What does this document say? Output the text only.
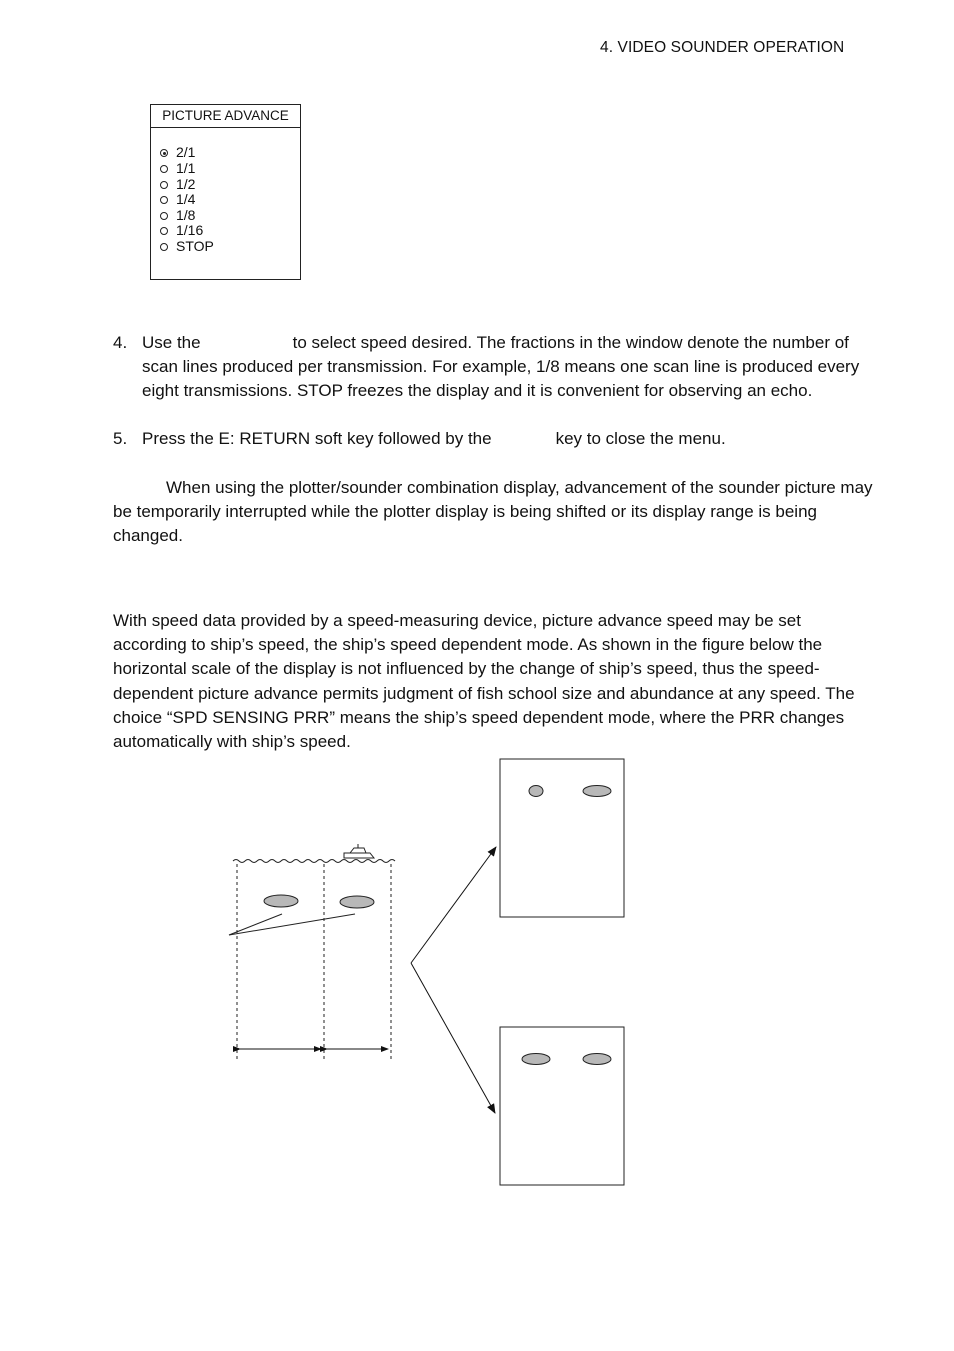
4. VIDEO SOUNDER OPERATION
PICTURE ADVANCE
2/1
1/1
1/2
1/4
1/8
1/16
STOP
4. Use the	to select speed desired. The fractions in the window denote the number of scan lines produced per transmission. For example, 1/8 means one scan line is produced every eight transmissions. STOP freezes the display and it is convenient for observing an echo.
5. Press the E: RETURN soft key followed by the	key to close the menu.
When using the plotter/sounder combination display, advancement of the sounder picture may be temporarily interrupted while the plotter display is being shifted or its display range is being changed.
With speed data provided by a speed-measuring device, picture advance speed may be set according to ship’s speed, the ship’s speed dependent mode. As shown in the figure below the horizontal scale of the display is not influenced by the change of ship’s speed, thus the speed-dependent picture advance permits judgment of fish school size and abundance at any speed. The choice “SPD SENSING PRR” means the ship’s speed dependent mode, where the PRR changes automatically with ship’s speed.
